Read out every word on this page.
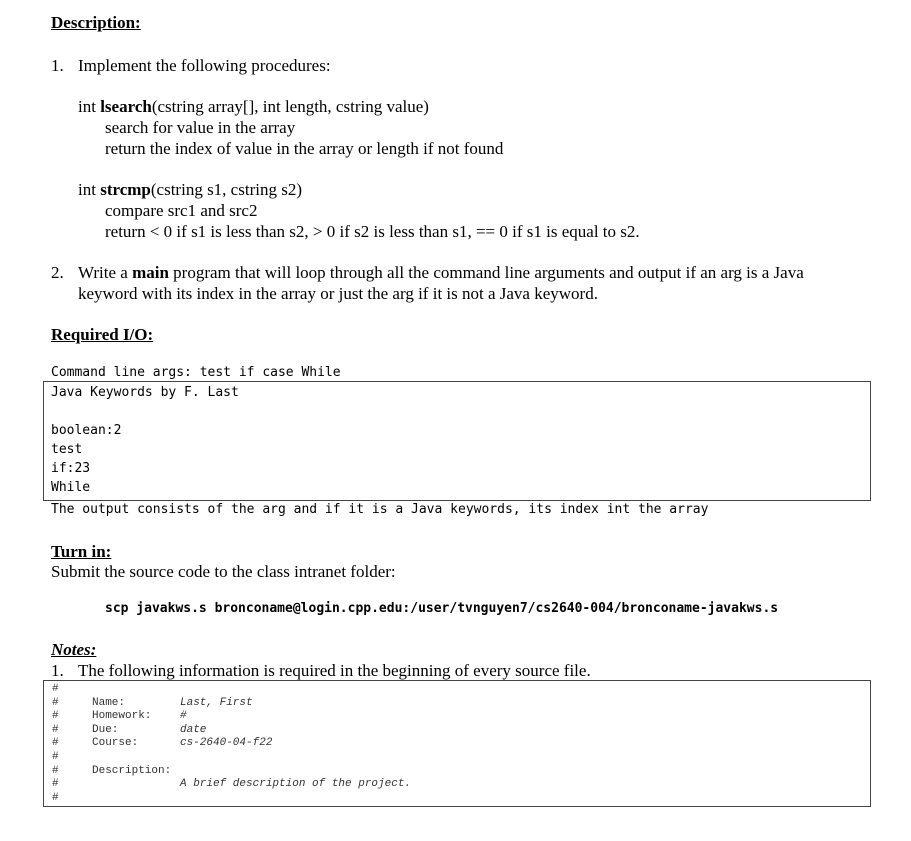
Description:
1. Implement the following procedures:
int lsearch(cstring array[], int length, cstring value)
search for value in the array
return the index of value in the array or length if not found
int strcmp(cstring s1, cstring s2)
compare src1 and src2
return < 0 if s1 is less than s2, > 0 if s2 is less than s1, == 0 if s1 is equal to s2.
2. Write a main program that will loop through all the command line arguments and output if an arg is a Java
keyword with its index in the array or just the arg if it is not a Java keyword.
Required I/O:
Command line args: test if case While
Java Keywords by F. Last
boolean:2
test
if:23
While
The output consists of the arg and if it is a Java keywords, its index int the array
Turn in:
Submit the source code to the class intranet folder:
scp javakws.s bronconame@login.cpp.edu:/user/tvnguyen7/cs2640-004/bronconame-javakws.s
Notes:
1. The following information is required in the beginning of every source file.
#
#	Name:	Last, First
#	Homework:	#
#	Due:	date
#	Course:	cs-2640-04-f22
#
#	Description:
#	A brief description of the project.
#
